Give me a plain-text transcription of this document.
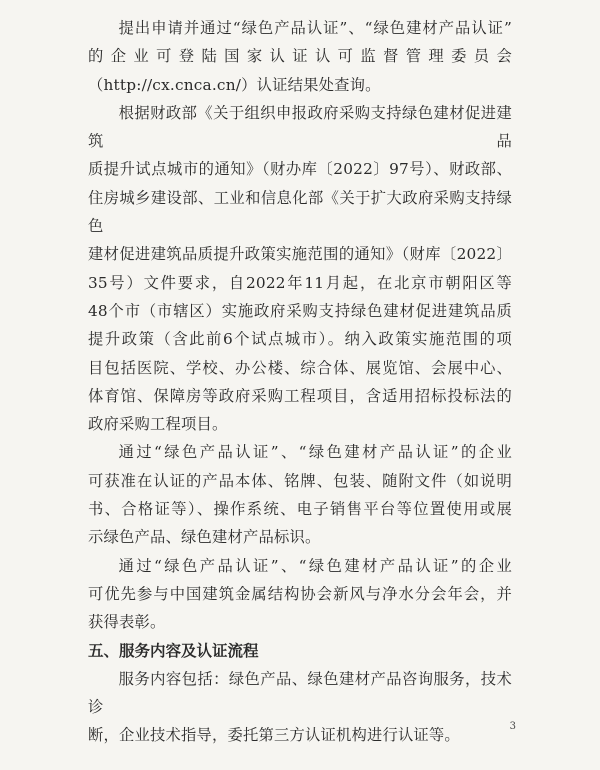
提出申请并通过“绿色产品认证”、“绿色建材产品认证”
的企业可登陆国家认证认可监督管理委员会
（http://cx.cnca.cn/）认证结果处查询。

根据财政部《关于组织申报政府采购支持绿色建材促进建筑品
质提升试点城市的通知》（财办库〔2022〕97号）、财政部、
住房城乡建设部、工业和信息化部《关于扩大政府采购支持绿色
建材促进建筑品质提升政策实施范围的通知》（财库〔2022〕
35号）文件要求，自2022年11月起，在北京市朝阳区等
48个市（市辖区）实施政府采购支持绿色建材促进建筑品质
提升政策（含此前6个试点城市）。纳入政策实施范围的项
目包括医院、学校、办公楼、综合体、展览馆、会展中心、
体育馆、保障房等政府采购工程项目，含适用招标投标法的
政府采购工程项目。

通过“绿色产品认证”、“绿色建材产品认证”的企业
可获准在认证的产品本体、铭牌、包装、随附文件（如说明
书、合格证等）、操作系统、电子销售平台等位置使用或展
示绿色产品、绿色建材产品标识。

通过“绿色产品认证”、“绿色建材产品认证”的企业
可优先参与中国建筑金属结构协会新风与净水分会年会，并
获得表彰。

五、服务内容及认证流程

服务内容包括：绿色产品、绿色建材产品咨询服务，技术诊
断，企业技术指导，委托第三方认证机构进行认证等。	3
